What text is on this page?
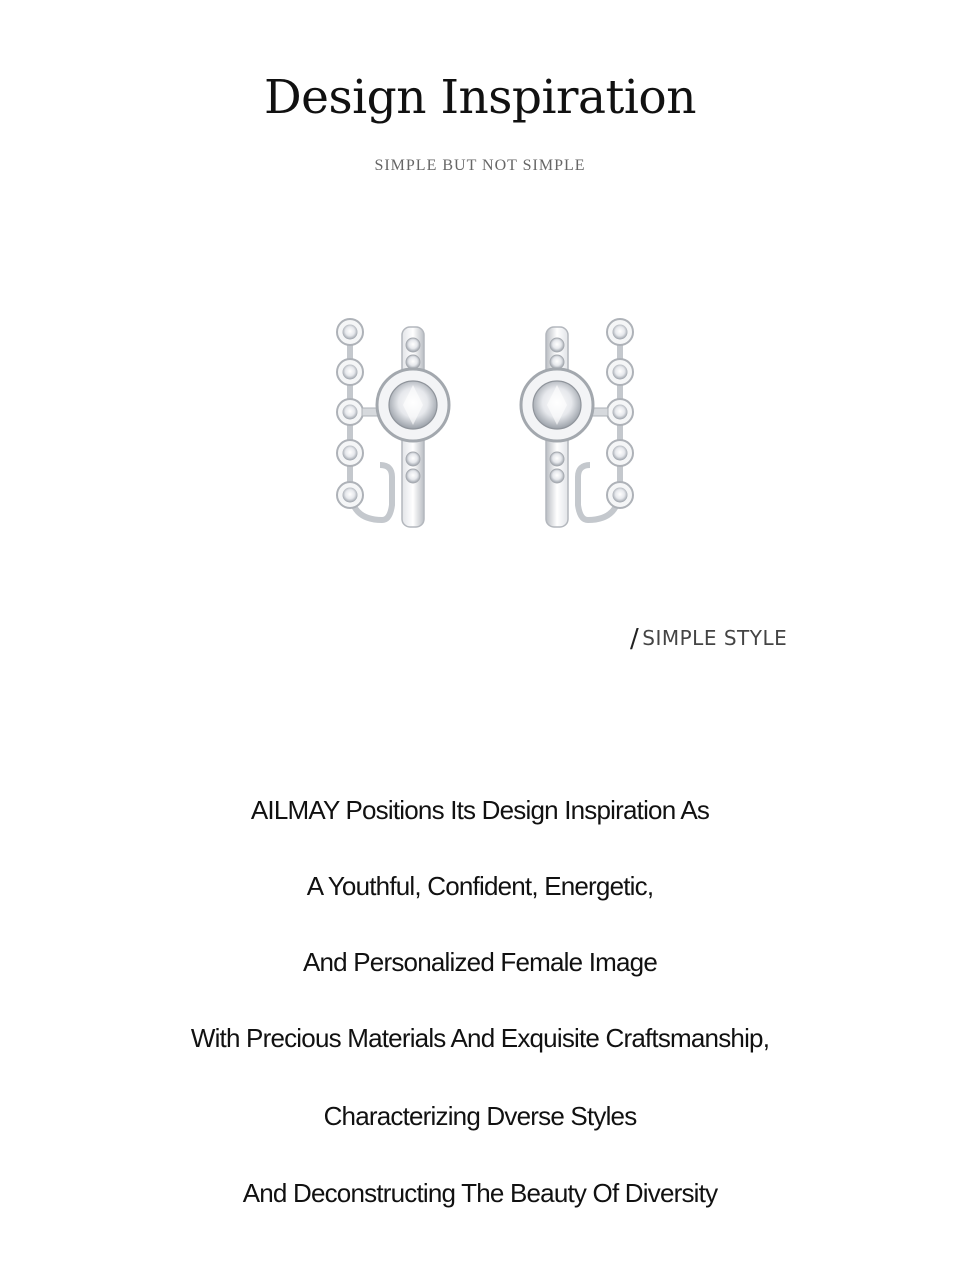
Design Inspiration
SIMPLE BUT NOT SIMPLE
/ SIMPLE STYLE
AILMAY Positions Its Design Inspiration As
A Youthful, Confident, Energetic,
And Personalized Female Image
With Precious Materials And Exquisite Craftsmanship,
Characterizing Dverse Styles
And Deconstructing The Beauty Of Diversity
